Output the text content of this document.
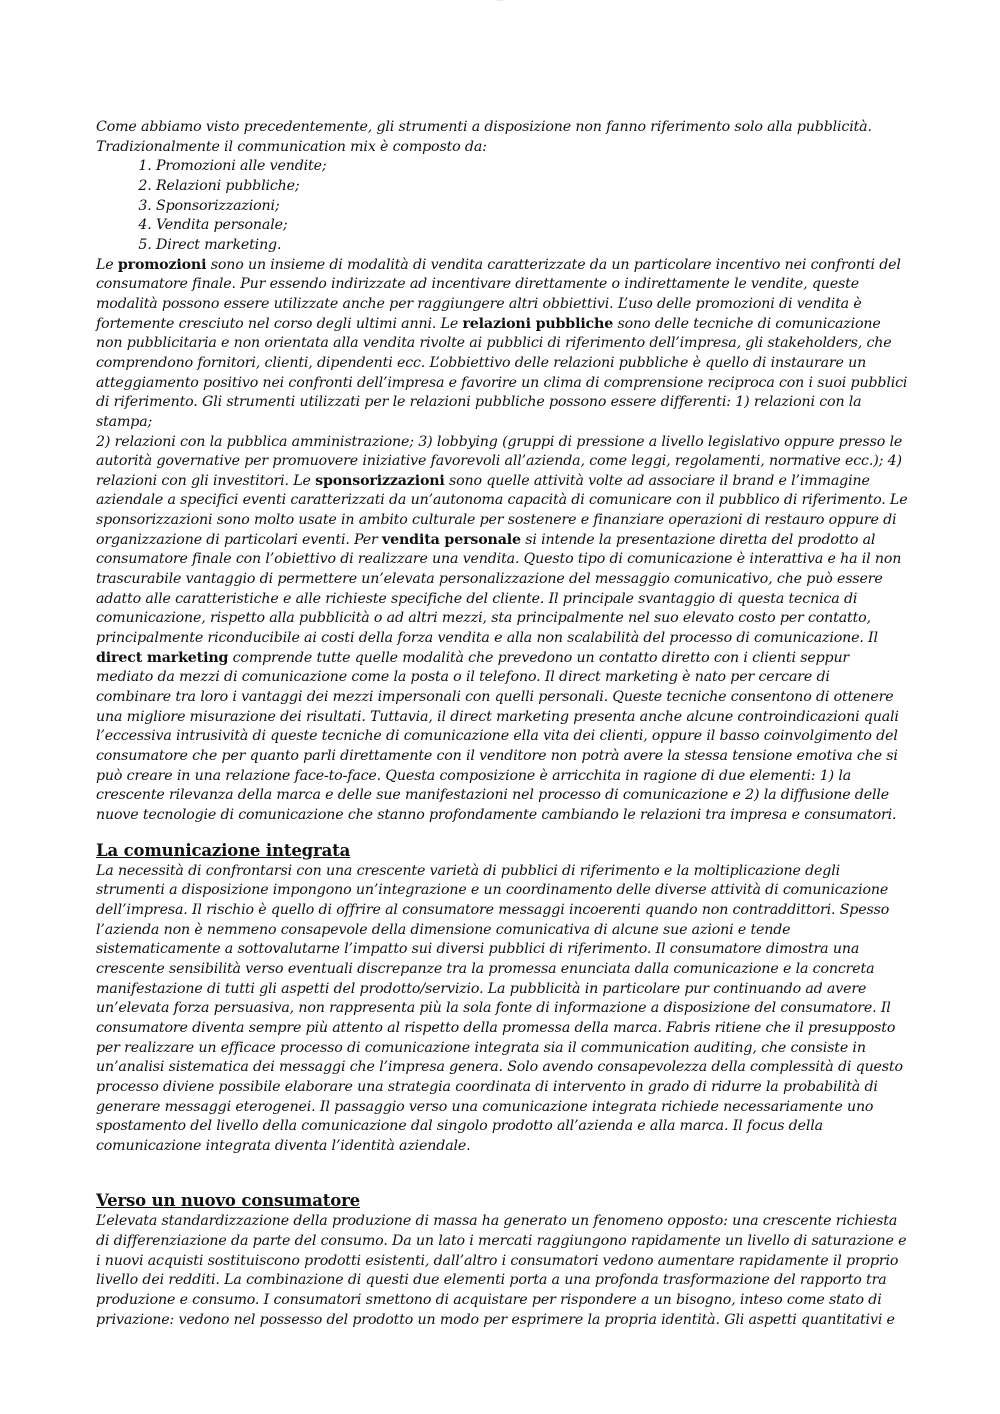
----------

Come abbiamo visto precedentemente, gli strumenti a disposizione non fanno riferimento solo alla pubblicità.

Tradizionalmente il communication mix è composto da:

1. Promozioni alle vendite;
2. Relazioni pubbliche;
3. Sponsorizzazioni;
4. Vendita personale;
5. Direct marketing.

Le promozioni sono un insieme di modalità di vendita caratterizzate da un particolare incentivo nei confronti del consumatore finale. Pur essendo indirizzate ad incentivare direttamente o indirettamente le vendite, queste modalità possono essere utilizzate anche per raggiungere altri obbiettivi. L’uso delle promozioni di vendita è fortemente cresciuto nel corso degli ultimi anni. Le relazioni pubbliche sono delle tecniche di comunicazione non pubblicitaria e non orientata alla vendita rivolte ai pubblici di riferimento dell’impresa, gli stakeholders, che comprendono fornitori, clienti, dipendenti ecc. L’obbiettivo delle relazioni pubbliche è quello di instaurare un atteggiamento positivo nei confronti dell’impresa e favorire un clima di comprensione reciproca con i suoi pubblici di riferimento. Gli strumenti utilizzati per le relazioni pubbliche possono essere differenti: 1) relazioni con la stampa;

2) relazioni con la pubblica amministrazione; 3) lobbying (gruppi di pressione a livello legislativo oppure presso le autorità governative per promuovere iniziative favorevoli all’azienda, come leggi, regolamenti, normative ecc.); 4) relazioni con gli investitori. Le sponsorizzazioni sono quelle attività volte ad associare il brand e l’immagine aziendale a specifici eventi caratterizzati da un’autonoma capacità di comunicare con il pubblico di riferimento. Le sponsorizzazioni sono molto usate in ambito culturale per sostenere e finanziare operazioni di restauro oppure di organizzazione di particolari eventi. Per vendita personale si intende la presentazione diretta del prodotto al consumatore finale con l’obiettivo di realizzare una vendita. Questo tipo di comunicazione è interattiva e ha il non trascurabile vantaggio di permettere un’elevata personalizzazione del messaggio comunicativo, che può essere adatto alle caratteristiche e alle richieste specifiche del cliente. Il principale svantaggio di questa tecnica di comunicazione, rispetto alla pubblicità o ad altri mezzi, sta principalmente nel suo elevato costo per contatto, principalmente riconducibile ai costi della forza vendita e alla non scalabilità del processo di comunicazione. Il direct marketing comprende tutte quelle modalità che prevedono un contatto diretto con i clienti seppur mediato da mezzi di comunicazione come la posta o il telefono. Il direct marketing è nato per cercare di combinare tra loro i vantaggi dei mezzi impersonali con quelli personali. Queste tecniche consentono di ottenere una migliore misurazione dei risultati. Tuttavia, il direct marketing presenta anche alcune controindicazioni quali l’eccessiva intrusività di queste tecniche di comunicazione ella vita dei clienti, oppure il basso coinvolgimento del consumatore che per quanto parli direttamente con il venditore non potrà avere la stessa tensione emotiva che si può creare in una relazione face-to-face. Questa composizione è arricchita in ragione di due elementi: 1) la crescente rilevanza della marca e delle sue manifestazioni nel processo di comunicazione e 2) la diffusione delle nuove tecnologie di comunicazione che stanno profondamente cambiando le relazioni tra impresa e consumatori.

La comunicazione integrata

La necessità di confrontarsi con una crescente varietà di pubblici di riferimento e la moltiplicazione degli strumenti a disposizione impongono un’integrazione e un coordinamento delle diverse attività di comunicazione dell’impresa. Il rischio è quello di offrire al consumatore messaggi incoerenti quando non contraddittori. Spesso l’azienda non è nemmeno consapevole della dimensione comunicativa di alcune sue azioni e tende sistematicamente a sottovalutarne l’impatto sui diversi pubblici di riferimento. Il consumatore dimostra una crescente sensibilità verso eventuali discrepanze tra la promessa enunciata dalla comunicazione e la concreta manifestazione di tutti gli aspetti del prodotto/servizio. La pubblicità in particolare pur continuando ad avere un’elevata forza persuasiva, non rappresenta più la sola fonte di informazione a disposizione del consumatore. Il consumatore diventa sempre più attento al rispetto della promessa della marca. Fabris ritiene che il presupposto per realizzare un efficace processo di comunicazione integrata sia il communication auditing, che consiste in un’analisi sistematica dei messaggi che l’impresa genera. Solo avendo consapevolezza della complessità di questo processo diviene possibile elaborare una strategia coordinata di intervento in grado di ridurre la probabilità di generare messaggi eterogenei. Il passaggio verso una comunicazione integrata richiede necessariamente uno spostamento del livello della comunicazione dal singolo prodotto all’azienda e alla marca. Il focus della comunicazione integrata diventa l’identità aziendale.

Verso un nuovo consumatore

L’elevata standardizzazione della produzione di massa ha generato un fenomeno opposto: una crescente richiesta di differenziazione da parte del consumo. Da un lato i mercati raggiungono rapidamente un livello di saturazione e i nuovi acquisti sostituiscono prodotti esistenti, dall’altro i consumatori vedono aumentare rapidamente il proprio livello dei redditi. La combinazione di questi due elementi porta a una profonda trasformazione del rapporto tra produzione e consumo. I consumatori smettono di acquistare per rispondere a un bisogno, inteso come stato di privazione: vedono nel possesso del prodotto un modo per esprimere la propria identità. Gli aspetti quantitativi e
